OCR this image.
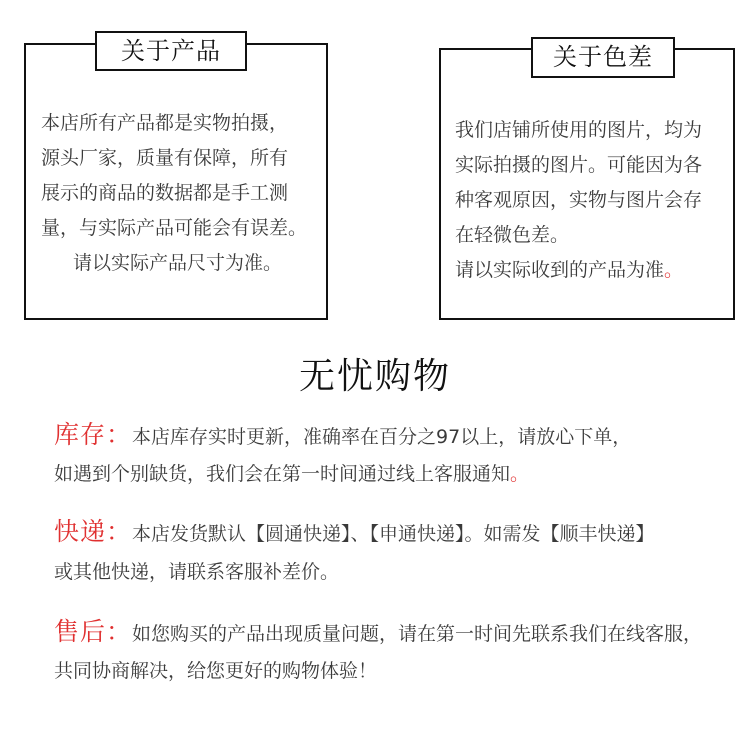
关于产品
本店所有产品都是实物拍摄，
源头厂家，质量有保障，所有
展示的商品的数据都是手工测
量，与实际产品可能会有误差。
请以实际产品尺寸为准。
关于色差
我们店铺所使用的图片，均为
实际拍摄的图片。可能因为各
种客观原因，实物与图片会存
在轻微色差。
请以实际收到的产品为准。
无忧购物
库存：本店库存实时更新，准确率在百分之97以上，请放心下单，
如遇到个别缺货，我们会在第一时间通过线上客服通知。
快递：本店发货默认【圆通快递】、【申通快递】。如需发【顺丰快递】
或其他快递，请联系客服补差价。
售后：如您购买的产品出现质量问题，请在第一时间先联系我们在线客服，
共同协商解决，给您更好的购物体验！
